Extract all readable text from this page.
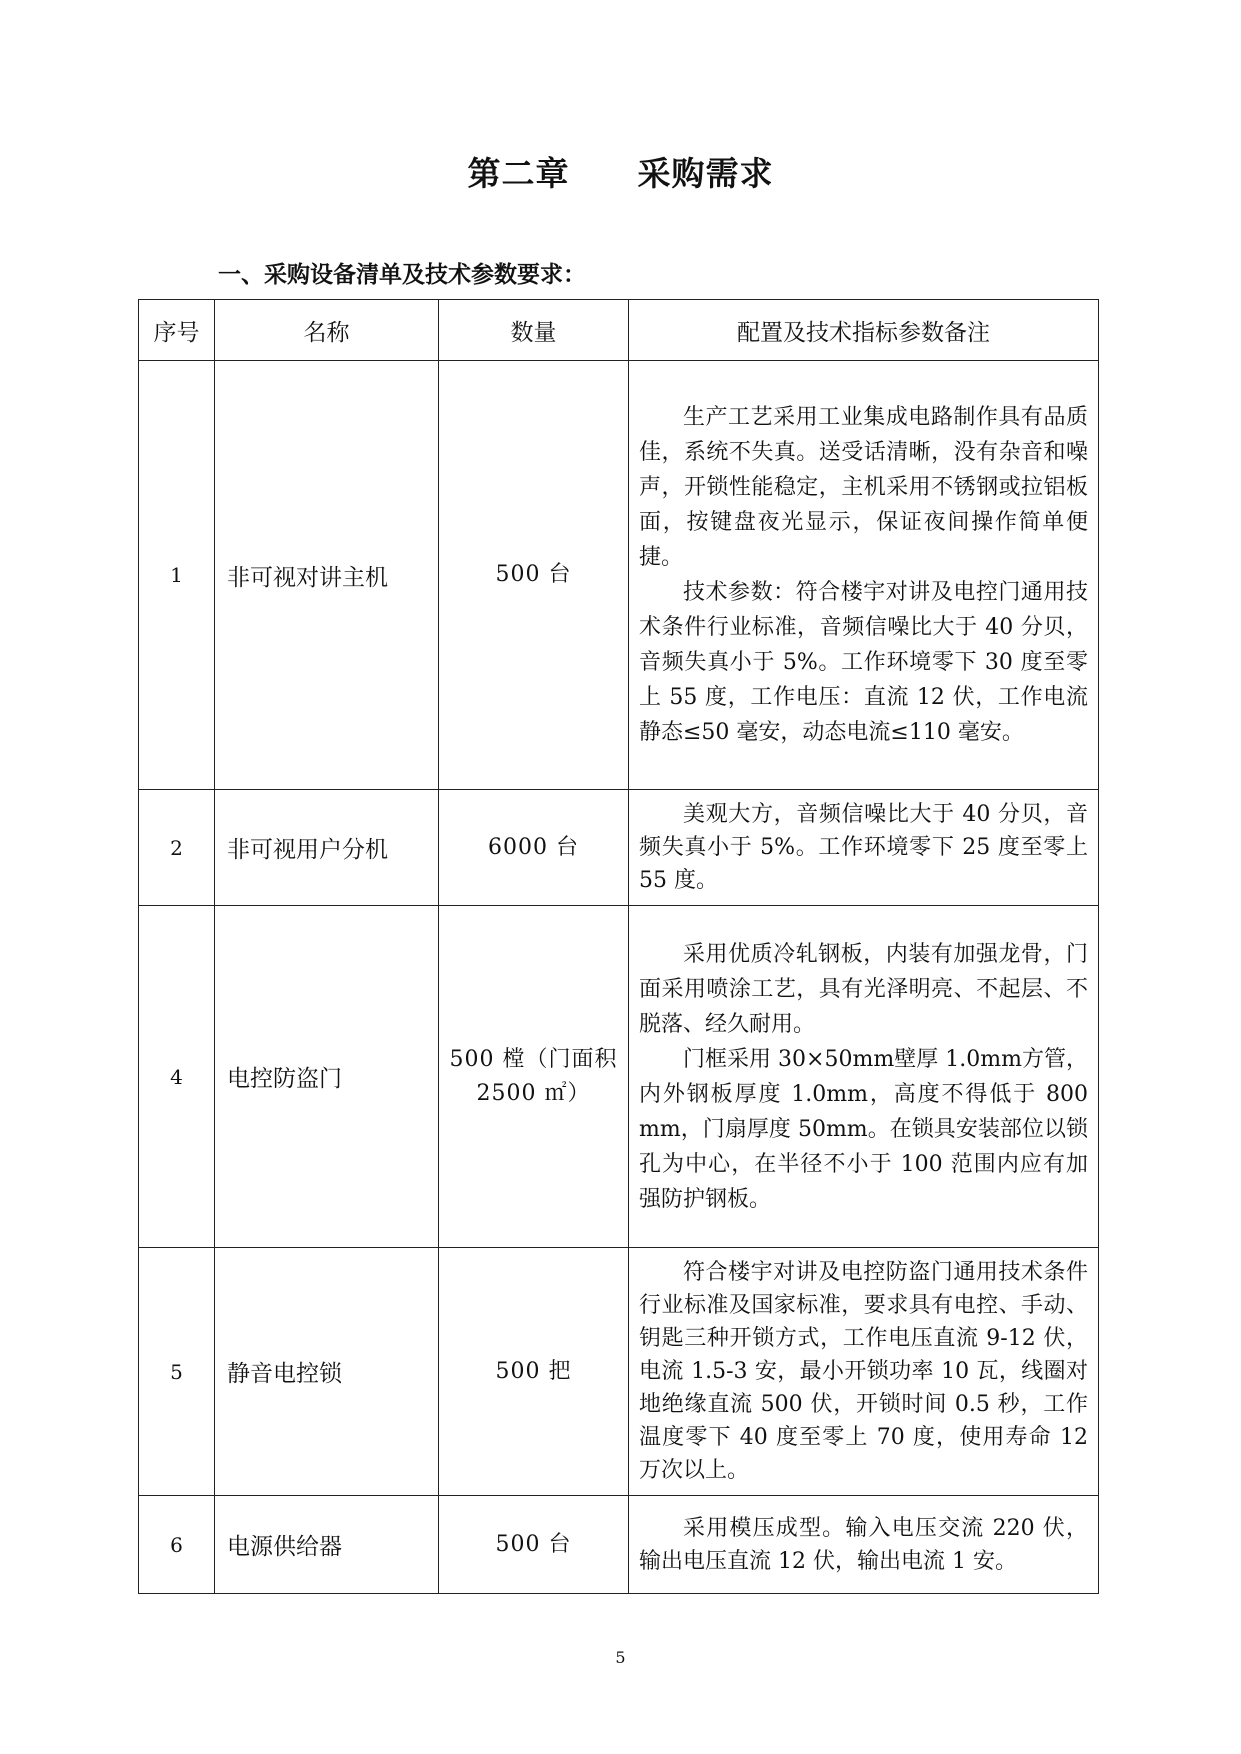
第二章　　采购需求
一、采购设备清单及技术参数要求：
序号	名称	数量	配置及技术指标参数备注
1	非可视对讲主机	500 台	生产工艺采用工业集成电路制作具有品质佳，系统不失真。送受话清晰，没有杂音和噪声，开锁性能稳定，主机采用不锈钢或拉铝板面，按键盘夜光显示，保证夜间操作简单便捷。

技术参数：符合楼宇对讲及电控门通用技术条件行业标准，音频信噪比大于 40 分贝，音频失真小于 5%。工作环境零下 30 度至零上 55 度，工作电压：直流 12 伏，工作电流静态≤50 毫安，动态电流≤110 毫安。

2	非可视用户分机	6000 台	美观大方，音频信噪比大于 40 分贝，音频失真小于 5%。工作环境零下 25 度至零上 55 度。

4	电控防盗门	500 樘（门面积 2500 ㎡）	采用优质冷轧钢板，内装有加强龙骨，门面采用喷涂工艺，具有光泽明亮、不起层、不脱落、经久耐用。

门框采用 30×50mm壁厚 1.0mm方管，内外钢板厚度 1.0mm，高度不得低于 800 mm，门扇厚度 50mm。在锁具安装部位以锁孔为中心，在半径不小于 100 范围内应有加强防护钢板。

5	静音电控锁	500 把	符合楼宇对讲及电控防盗门通用技术条件行业标准及国家标准，要求具有电控、手动、钥匙三种开锁方式，工作电压直流 9-12 伏，电流 1.5-3 安，最小开锁功率 10 瓦，线圈对地绝缘直流 500 伏，开锁时间 0.5 秒，工作温度零下 40 度至零上 70 度，使用寿命 12 万次以上。

6	电源供给器	500 台	采用模压成型。输入电压交流 220 伏，输出电压直流 12 伏，输出电流 1 安。

5
